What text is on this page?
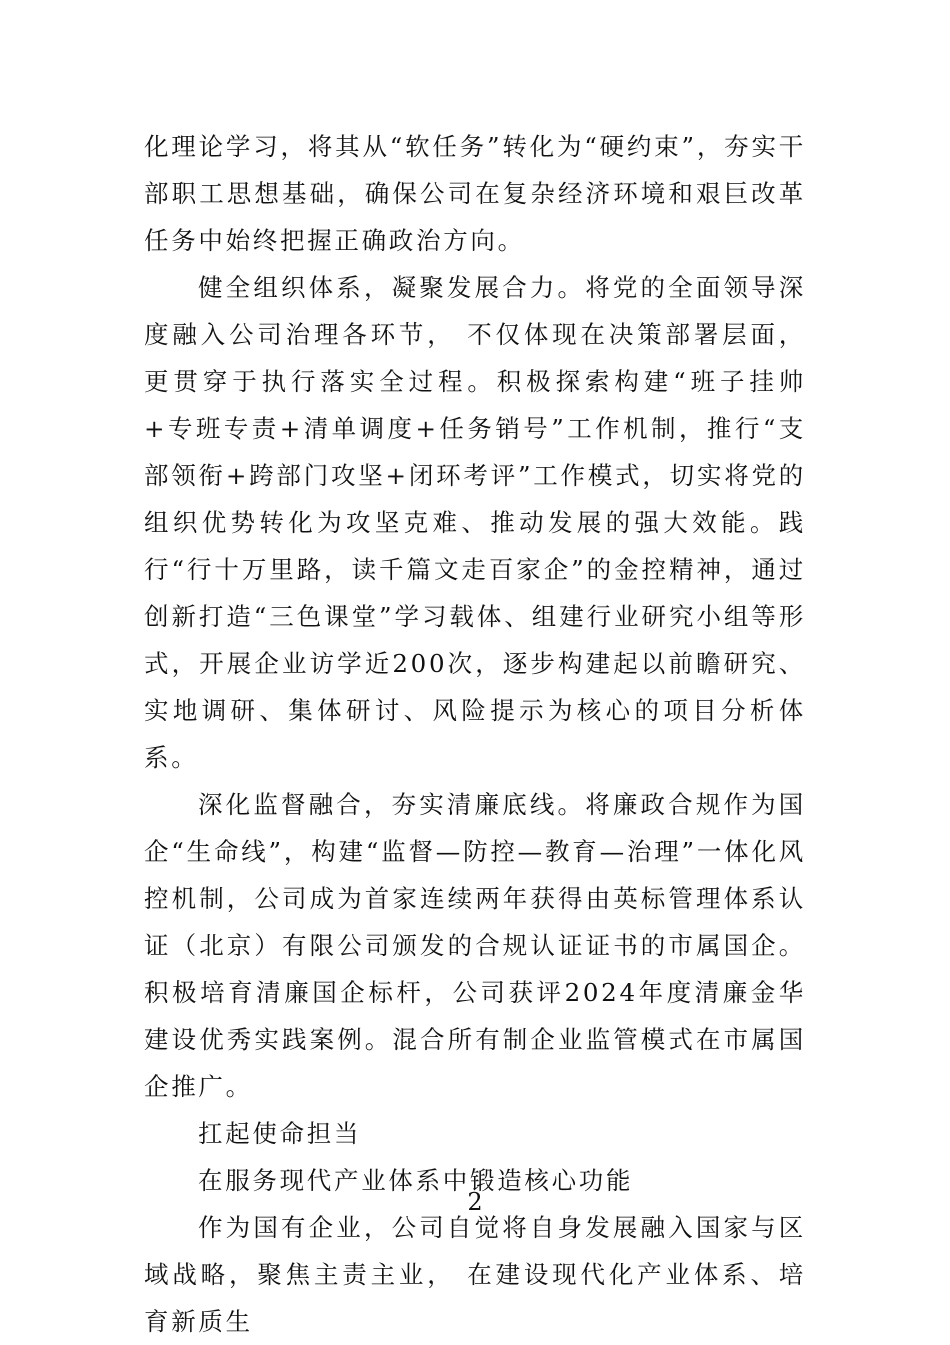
化理论学习，将其从“软任务”转化为“硬约束”，夯实干部职工思想基础，确保公司在复杂经济环境和艰巨改革任务中始终把握正确政治方向。

健全组织体系，凝聚发展合力。将党的全面领导深度融入公司治理各环节， 不仅体现在决策部署层面，更贯穿于执行落实全过程。积极探索构建“班子挂帅+专班专责+清单调度+任务销号”工作机制，推行“支部领衔+跨部门攻坚+闭环考评”工作模式，切实将党的组织优势转化为攻坚克难、推动发展的强大效能。践行“行十万里路，读千篇文走百家企”的金控精神，通过创新打造“三色课堂”学习载体、组建行业研究小组等形式，开展企业访学近200次，逐步构建起以前瞻研究、实地调研、集体研讨、风险提示为核心的项目分析体系。

深化监督融合，夯实清廉底线。将廉政合规作为国企“生命线”，构建“监督—防控—教育—治理”一体化风控机制，公司成为首家连续两年获得由英标管理体系认证（北京）有限公司颁发的合规认证证书的市属国企。积极培育清廉国企标杆，公司获评2024年度清廉金华建设优秀实践案例。混合所有制企业监管模式在市属国企推广。

扛起使命担当

在服务现代产业体系中锻造核心功能

作为国有企业，公司自觉将自身发展融入国家与区域战略，聚焦主责主业， 在建设现代化产业体系、培育新质生

2
